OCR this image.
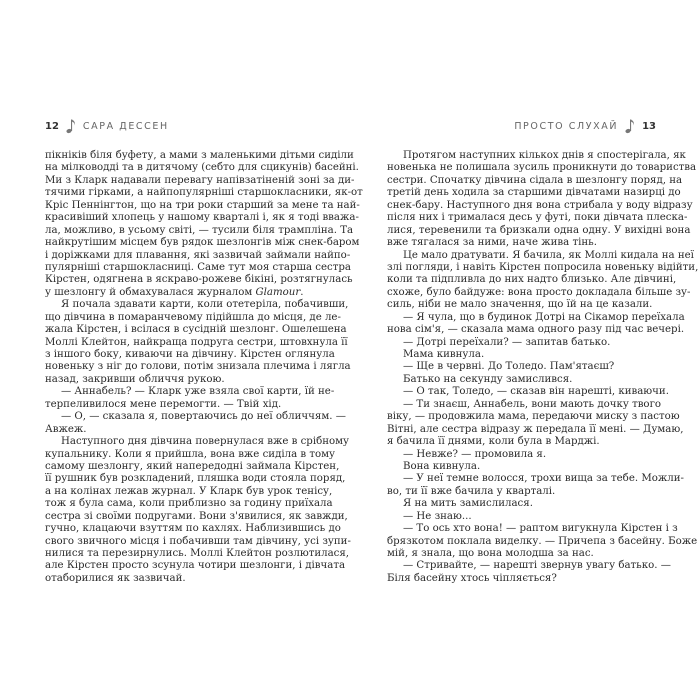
12	САРА ДЕССЕН
пікніків біля буфету, а мами з маленькими дітьми сиділи
на мілководді та в дитячому (себто для сцикунів) басейні.
Ми з Кларк надавали перевагу напівзатіненій зоні за ди-
тячими гірками, а найпопулярніші старшокласники, як-от
Кріс Пеннінгтон, що на три роки старший за мене та най-
красивіший хлопець у нашому кварталі і, як я тоді вважа-
ла, можливо, в усьому світі, — тусили біля трампліна. Та
найкрутішим місцем був рядок шезлонгів між снек-баром
і доріжками для плавання, які зазвичай займали найпо-
пулярніші старшокласниці. Саме тут моя старша сестра
Кірстен, одягнена в яскраво-рожеве бікіні, розтягнулась
у шезлонгу й обмахувалася журналом Glamour.
Я почала здавати карти, коли отетеріла, побачивши,
що дівчина в помаранчевому підійшла до місця, де ле-
жала Кірстен, і всілася в сусідній шезлонг. Ошелешена
Моллі Клейтон, найкраща подруга сестри, штовхнула її
з іншого боку, киваючи на дівчину. Кірстен оглянула
новеньку з ніг до голови, потім знизала плечима і лягла
назад, закривши обличчя рукою.
— Аннабель? — Кларк уже взяла свої карти, їй не-
терпеливилося мене перемогти. — Твій хід.
— О, — сказала я, повертаючись до неї обличчям. —
Авжеж.
Наступного дня дівчина повернулася вже в срібному
купальнику. Коли я прийшла, вона вже сиділа в тому
самому шезлонгу, який напередодні займала Кірстен,
її рушник був розкладений, пляшка води стояла поряд,
а на колінах лежав журнал. У Кларк був урок тенісу,
тож я була сама, коли приблизно за годину приїхала
сестра зі своїми подругами. Вони з'явилися, як завжди,
гучно, клацаючи взуттям по кахлях. Наблизившись до
свого звичного місця і побачивши там дівчину, усі зупи-
нилися та перезирнулись. Моллі Клейтон розлютилася,
але Кірстен просто зсунула чотири шезлонги, і дівчата
отаборилися як зазвичай.
ПРОСТО СЛУХАЙ 13
Протягом наступних кількох днів я спостерігала, як
новенька не полишала зусиль проникнути до товариства
сестри. Спочатку дівчина сідала в шезлонгу поряд, на
третій день ходила за старшими дівчатами назирці до
снек-бару. Наступного дня вона стрибала у воду відразу
після них і трималася десь у футі, поки дівчата плеска-
лися, теревенили та бризкали одна одну. У вихідні вона
вже тягалася за ними, наче жива тінь.
Це мало дратувати. Я бачила, як Моллі кидала на неї
злі погляди, і навіть Кірстен попросила новеньку відійти,
коли та підпливла до них надто близько. Але дівчині,
схоже, було байдуже: вона просто докладала більше зу-
силь, ніби не мало значення, що їй на це казали.
— Я чула, що в будинок Дотрі на Сікамор переїхала
нова сім'я, — сказала мама одного разу під час вечері.
— Дотрі переїхали? — запитав батько.
Мама кивнула.
— Ще в червні. До Толедо. Пам'ятаєш?
Батько на секунду замислився.
— О так, Толедо, — сказав він нарешті, киваючи.
— Ти знаєш, Аннабель, вони мають дочку твого
віку, — продовжила мама, передаючи миску з пастою
Вітні, але сестра відразу ж передала її мені. — Думаю,
я бачила її днями, коли була в Марджі.
— Невже? — промовила я.
Вона кивнула.
— У неї темне волосся, трохи вища за тебе. Можли-
во, ти її вже бачила у кварталі.
Я на мить замислилася.
— Не знаю...
— То ось хто вона! — раптом вигукнула Кірстен і з
брязкотом поклала виделку. — Причепа з басейну. Боже
мій, я знала, що вона молодша за нас.
— Стривайте, — нарешті звернув увагу батько. —
Біля басейну хтось чіпляється?
